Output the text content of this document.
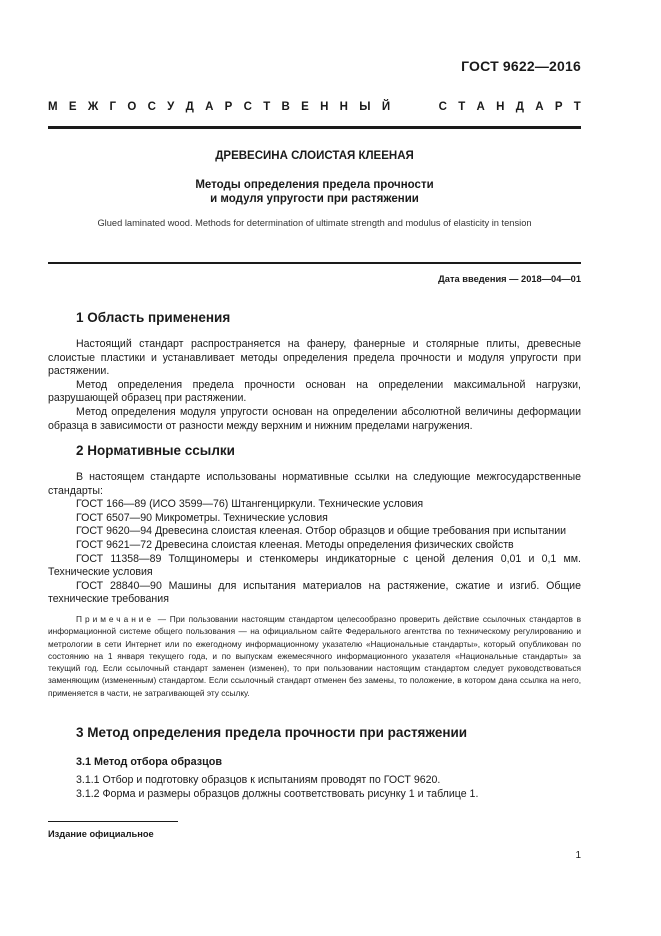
ГОСТ 9622—2016
М Е Ж Г О С У Д А Р С Т В Е Н Н Ы Й	С Т А Н Д А Р Т
ДРЕВЕСИНА СЛОИСТАЯ КЛЕЕНАЯ
Методы определения предела прочности
и модуля упругости при растяжении
Glued laminated wood. Methods for determination of ultimate strength and modulus of elasticity in tension
Дата введения — 2018—04—01
1 Область применения

Настоящий стандарт распространяется на фанеру, фанерные и столярные плиты, древесные слоистые пластики и устанавливает методы определения предела прочности и модуля упругости при растяжении.

Метод определения предела прочности основан на определении максимальной нагрузки, разрушающей образец при растяжении.

Метод определения модуля упругости основан на определении абсолютной величины деформации образца в зависимости от разности между верхним и нижним пределами нагружения.

2 Нормативные ссылки

В настоящем стандарте использованы нормативные ссылки на следующие межгосударственные стандарты:

ГОСТ 166—89 (ИСО 3599—76) Штангенциркули. Технические условия

ГОСТ 6507—90 Микрометры. Технические условия

ГОСТ 9620—94 Древесина слоистая клееная. Отбор образцов и общие требования при испытании

ГОСТ 9621—72 Древесина слоистая клееная. Методы определения физических свойств

ГОСТ 11358—89 Толщиномеры и стенкомеры индикаторные с ценой деления 0,01 и 0,1 мм. Технические условия

ГОСТ 28840—90 Машины для испытания материалов на растяжение, сжатие и изгиб. Общие технические требования

Примечание — При пользовании настоящим стандартом целесообразно проверить действие ссылочных стандартов в информационной системе общего пользования — на официальном сайте Федерального агентства по техническому регулированию и метрологии в сети Интернет или по ежегодному информационному указателю «Национальные стандарты», который опубликован по состоянию на 1 января текущего года, и по выпускам ежемесячного информационного указателя «Национальные стандарты» за текущий год. Если ссылочный стандарт заменен (изменен), то при пользовании настоящим стандартом следует руководствоваться заменяющим (измененным) стандартом. Если ссылочный стандарт отменен без замены, то положение, в котором дана ссылка на него, применяется в части, не затрагивающей эту ссылку.

3 Метод определения предела прочности при растяжении
3.1 Метод отбора образцов

3.1.1 Отбор и подготовку образцов к испытаниям проводят по ГОСТ 9620.

3.1.2 Форма и размеры образцов должны соответствовать рисунку 1 и таблице 1.

Издание официальное
1
